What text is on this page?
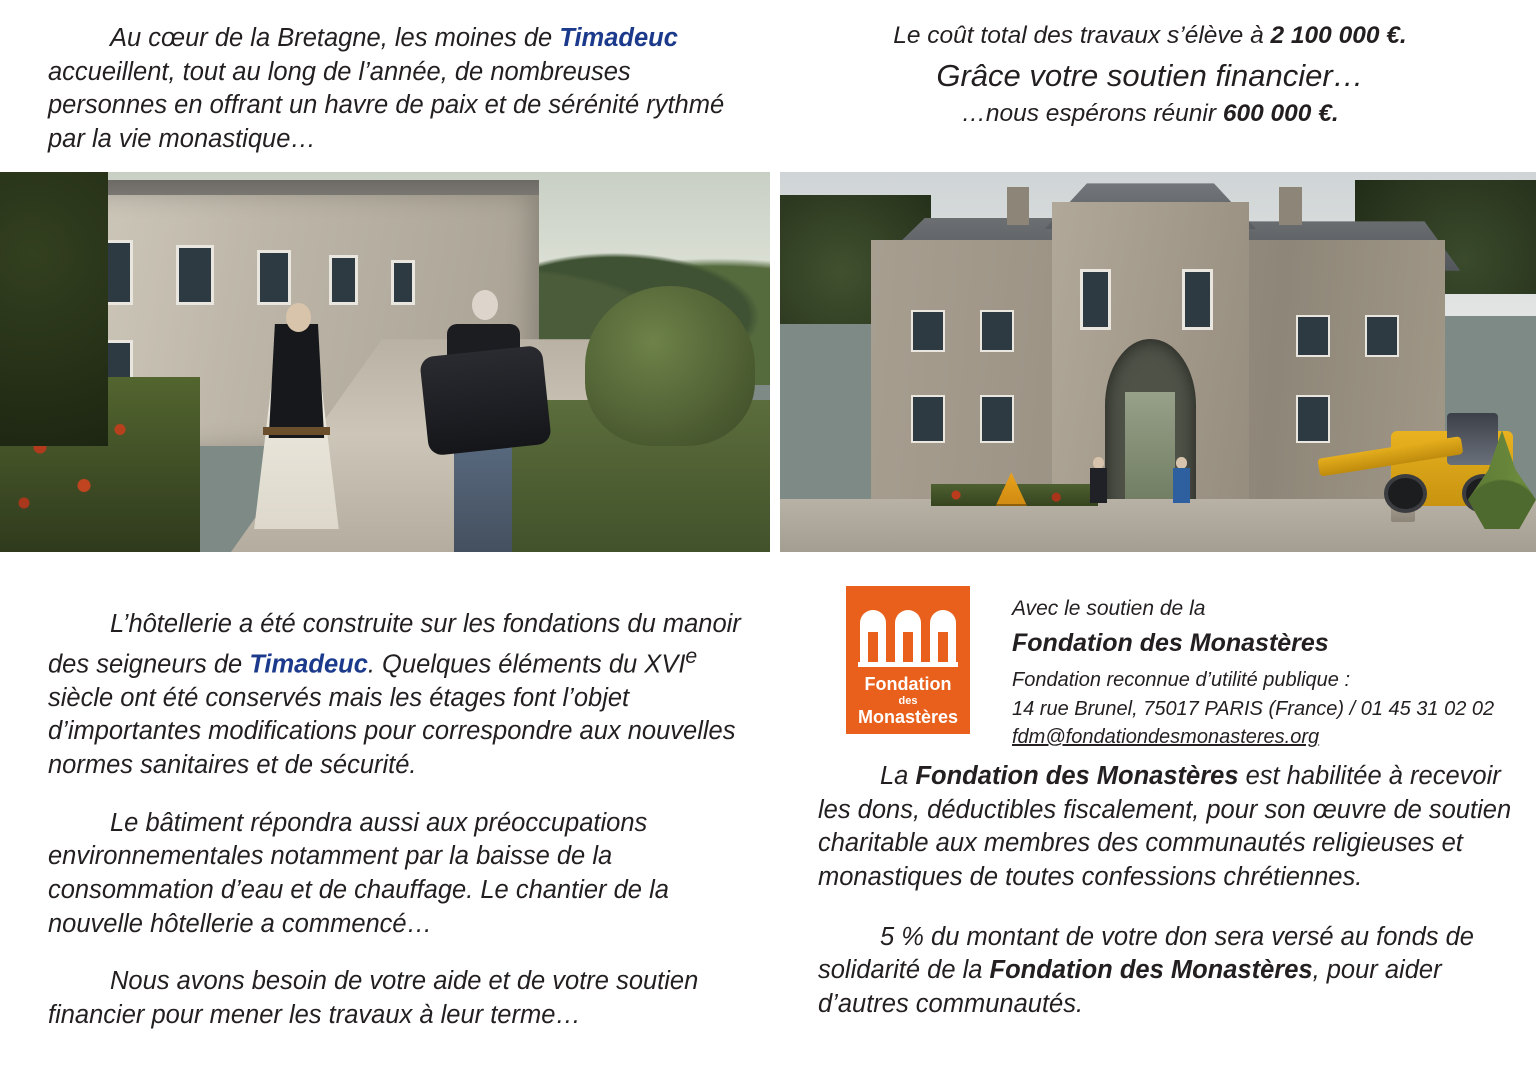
Au cœur de la Bretagne, les moines de Timadeuc accueillent, tout au long de l’année, de nombreuses personnes en offrant un havre de paix et de sérénité rythmé par la vie monastique…

Le coût total des travaux s’élève à 2 100 000 €.

Grâce votre soutien financier…

…nous espérons réunir 600 000 €.

L’hôtellerie a été construite sur les fondations du manoir des seigneurs de Timadeuc. Quelques éléments du XVIe siècle ont été conservés mais les étages font l’objet d’importantes modifications pour correspondre aux nouvelles normes sanitaires et de sécurité.

Le bâtiment répondra aussi aux préoccupations environnementales notamment par la baisse de la consommation d’eau et de chauffage. Le chantier de la nouvelle hôtellerie a commencé…

Nous avons besoin de votre aide et de votre soutien financier pour mener les travaux à leur terme…

Fondation
des
Monastères
Avec le soutien de la
Fondation des Monastères
Fondation reconnue d’utilité publique :
14 rue Brunel, 75017 PARIS (France) / 01 45 31 02 02
fdm@fondationdesmonasteres.org

La Fondation des Monastères est habilitée à recevoir les dons, déductibles fiscalement, pour son œuvre de soutien charitable aux membres des communautés religieuses et monastiques de toutes confessions chrétiennes.

5 % du montant de votre don sera versé au fonds de solidarité de la Fondation des Monastères, pour aider d’autres communautés.
